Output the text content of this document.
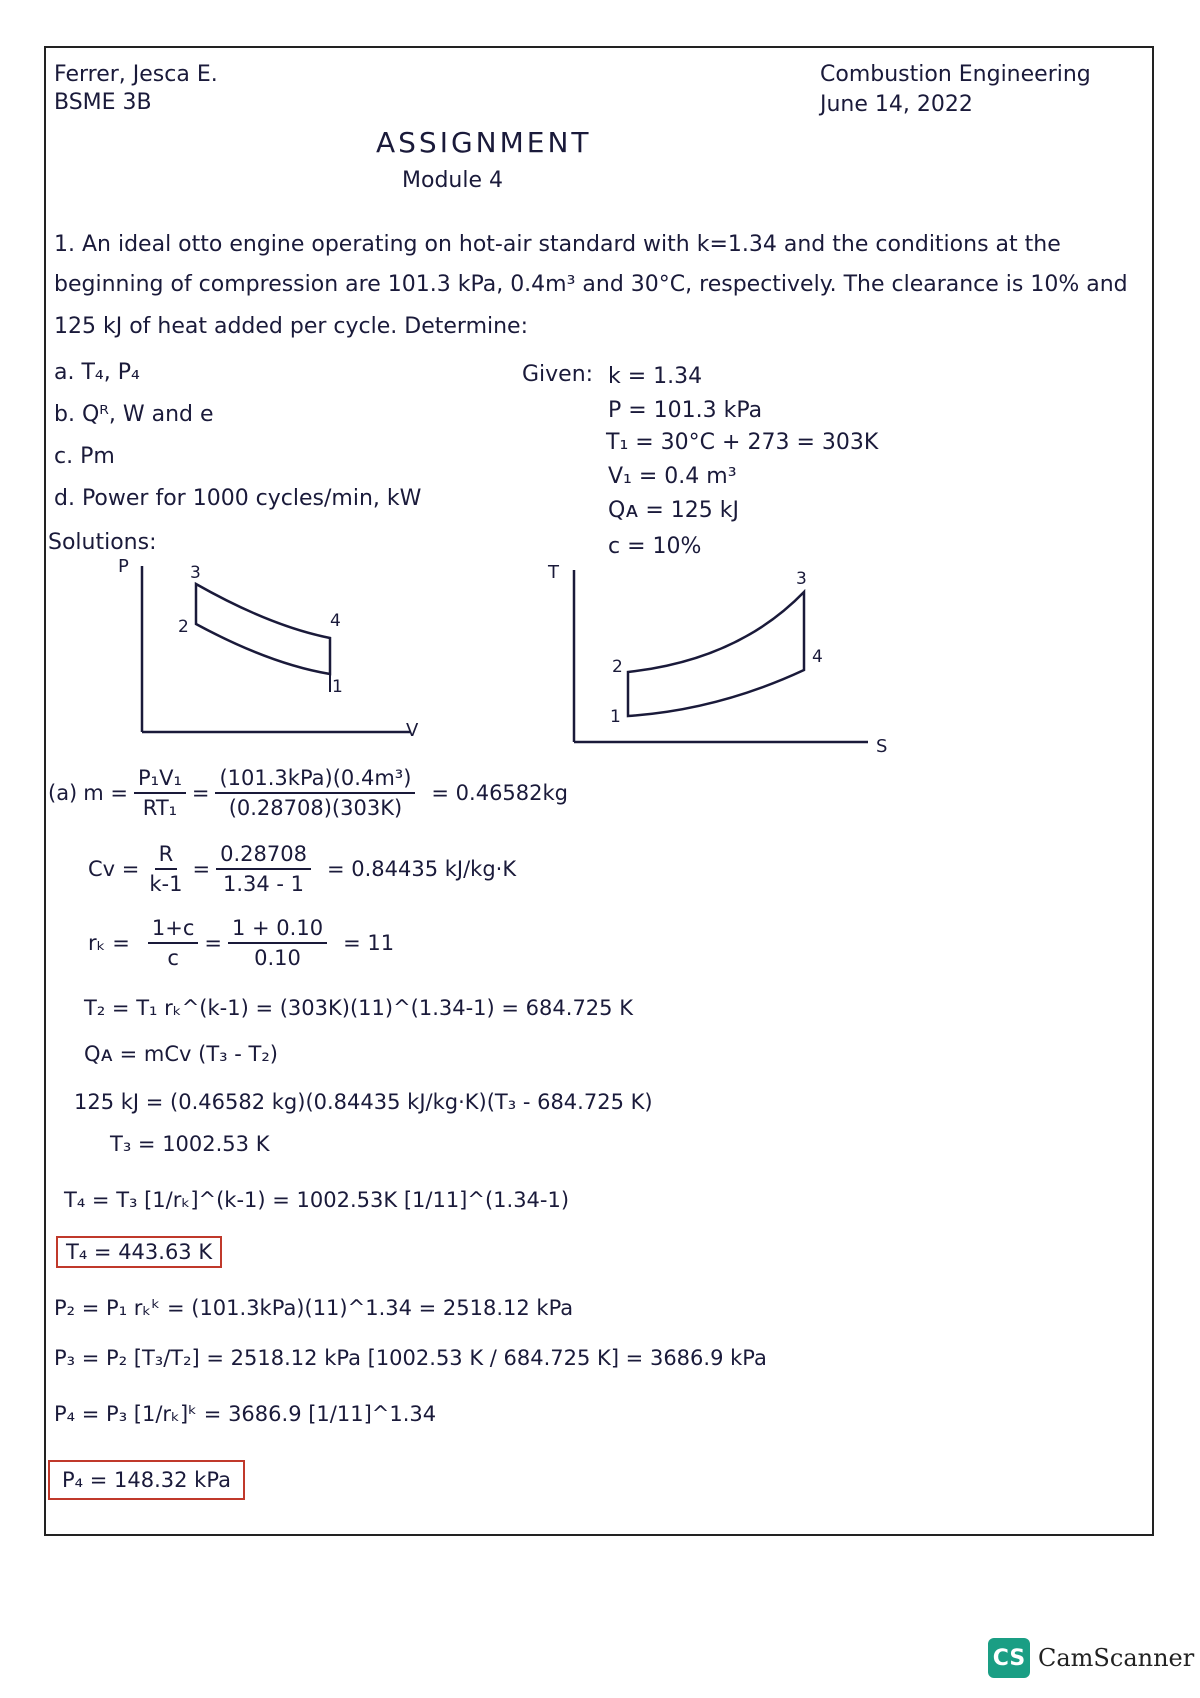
Ferrer, Jesca E.
BSME 3B
Combustion Engineering
June 14, 2022
ASSIGNMENT
Module 4
1. An ideal otto engine operating on hot-air standard with k=1.34 and the conditions at the
beginning of compression are 101.3 kPa, 0.4m³ and 30°C, respectively. The clearance is 10% and
125 kJ of heat added per cycle. Determine:
a. T₄, P₄
b. Qᴿ, W and e
c. Pm
d. Power for 1000 cycles/min, kW
Solutions:
Given: k = 1.34
P = 101.3 kPa
T₁ = 30°C + 273 = 303K
V₁ = 0.4 m³
Qᴀ = 125 kJ
c = 10%
P
V
1
2
3
4
T
S
1
2
3
4
(a) $m = \frac{\text{P₁V₁}}{\text{RT₁}} = \frac{\text{(101.3kPa)(0.4m³)}}{(0.28708)(303K)} = 0.46582kg$
$Cv = \frac{R}{k-1} = \frac{0.28708}{1.34 - 1} = 0.84435$ kJ/kg·K
$r_k = \frac{1+c}{c} = \frac{1 + 0.10}{0.10} = 11$
T₂ = T₁ rₖ^(k-1) = (303K)(11)^(1.34-1) = 684.725 K
Qᴀ = mCv (T₃ - T₂)
125 kJ = (0.46582 kg)(0.84435 kJ/kg·K)(T₃ - 684.725 K)
T₃ = 1002.53 K
T₄ = T₃ [1/rₖ]^(k-1) = 1002.53K [1/11]^(1.34-1)
T₄ = 443.63 K
P₂ = P₁ rₖᵏ = (101.3kPa)(11)^1.34 = 2518.12 kPa
P₃ = P₂ [T₃/T₂] = 2518.12 kPa [1002.53 K / 684.725 K] = 3686.9 kPa
P₄ = P₃ [1/rₖ]ᵏ = 3686.9 [1/11]^1.34
P₄ = 148.32 kPa
CS CamScanner
